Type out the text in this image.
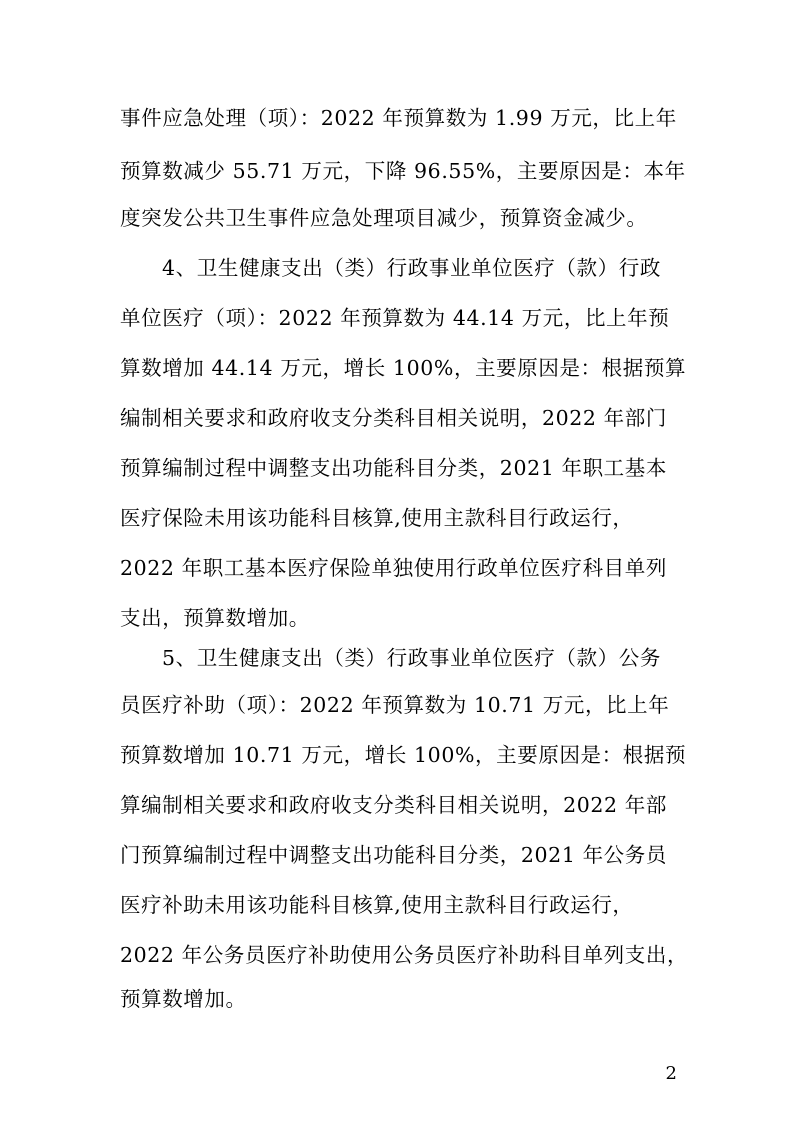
事件应急处理（项）：2022 年预算数为 1.99 万元，比上年
预算数减少 55.71 万元，下降 96.55%，主要原因是：本年
度突发公共卫生事件应急处理项目减少，预算资金减少。
4、卫生健康支出（类）行政事业单位医疗（款）行政
单位医疗（项）：2022 年预算数为 44.14 万元，比上年预
算数增加 44.14 万元，增长 100%，主要原因是：根据预算
编制相关要求和政府收支分类科目相关说明，2022 年部门
预算编制过程中调整支出功能科目分类，2021 年职工基本
医疗保险未用该功能科目核算,使用主款科目行政运行，
2022 年职工基本医疗保险单独使用行政单位医疗科目单列
支出，预算数增加。
5、卫生健康支出（类）行政事业单位医疗（款）公务
员医疗补助（项）：2022 年预算数为 10.71 万元，比上年
预算数增加 10.71 万元，增长 100%，主要原因是：根据预
算编制相关要求和政府收支分类科目相关说明，2022 年部
门预算编制过程中调整支出功能科目分类，2021 年公务员
医疗补助未用该功能科目核算,使用主款科目行政运行，
2022 年公务员医疗补助使用公务员医疗补助科目单列支出，
预算数增加。
2
